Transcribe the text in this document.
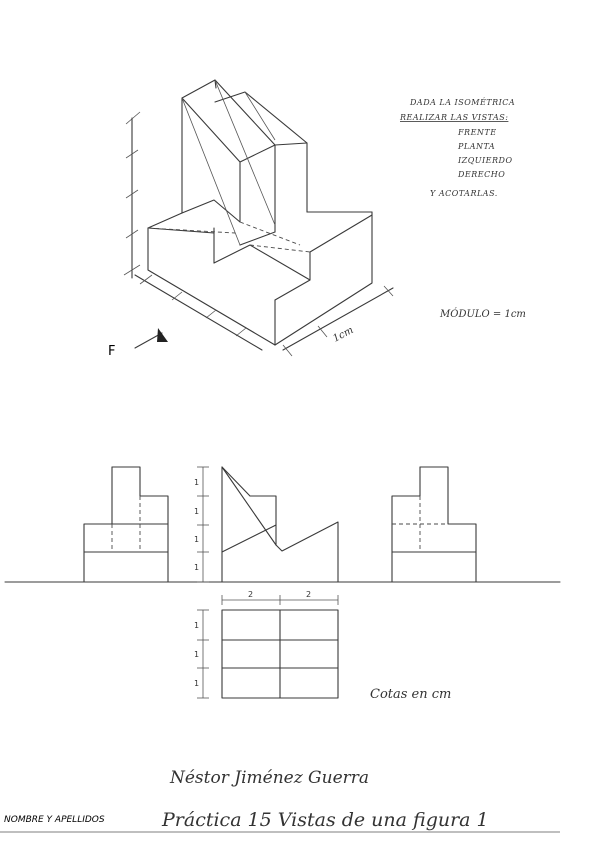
1cm
F
DADA LA ISOMÉTRICA
REALIZAR LAS VISTAS:
FRENTE
PLANTA
IZQUIERDO
DERECHO
Y ACOTARLAS.
MÓDULO = 1cm
1
1
1
1
2	2
1
1
1
Cotas en cm
Néstor Jiménez Guerra
NOMBRE Y APELLIDOS	Práctica 15 Vistas de una figura 1
